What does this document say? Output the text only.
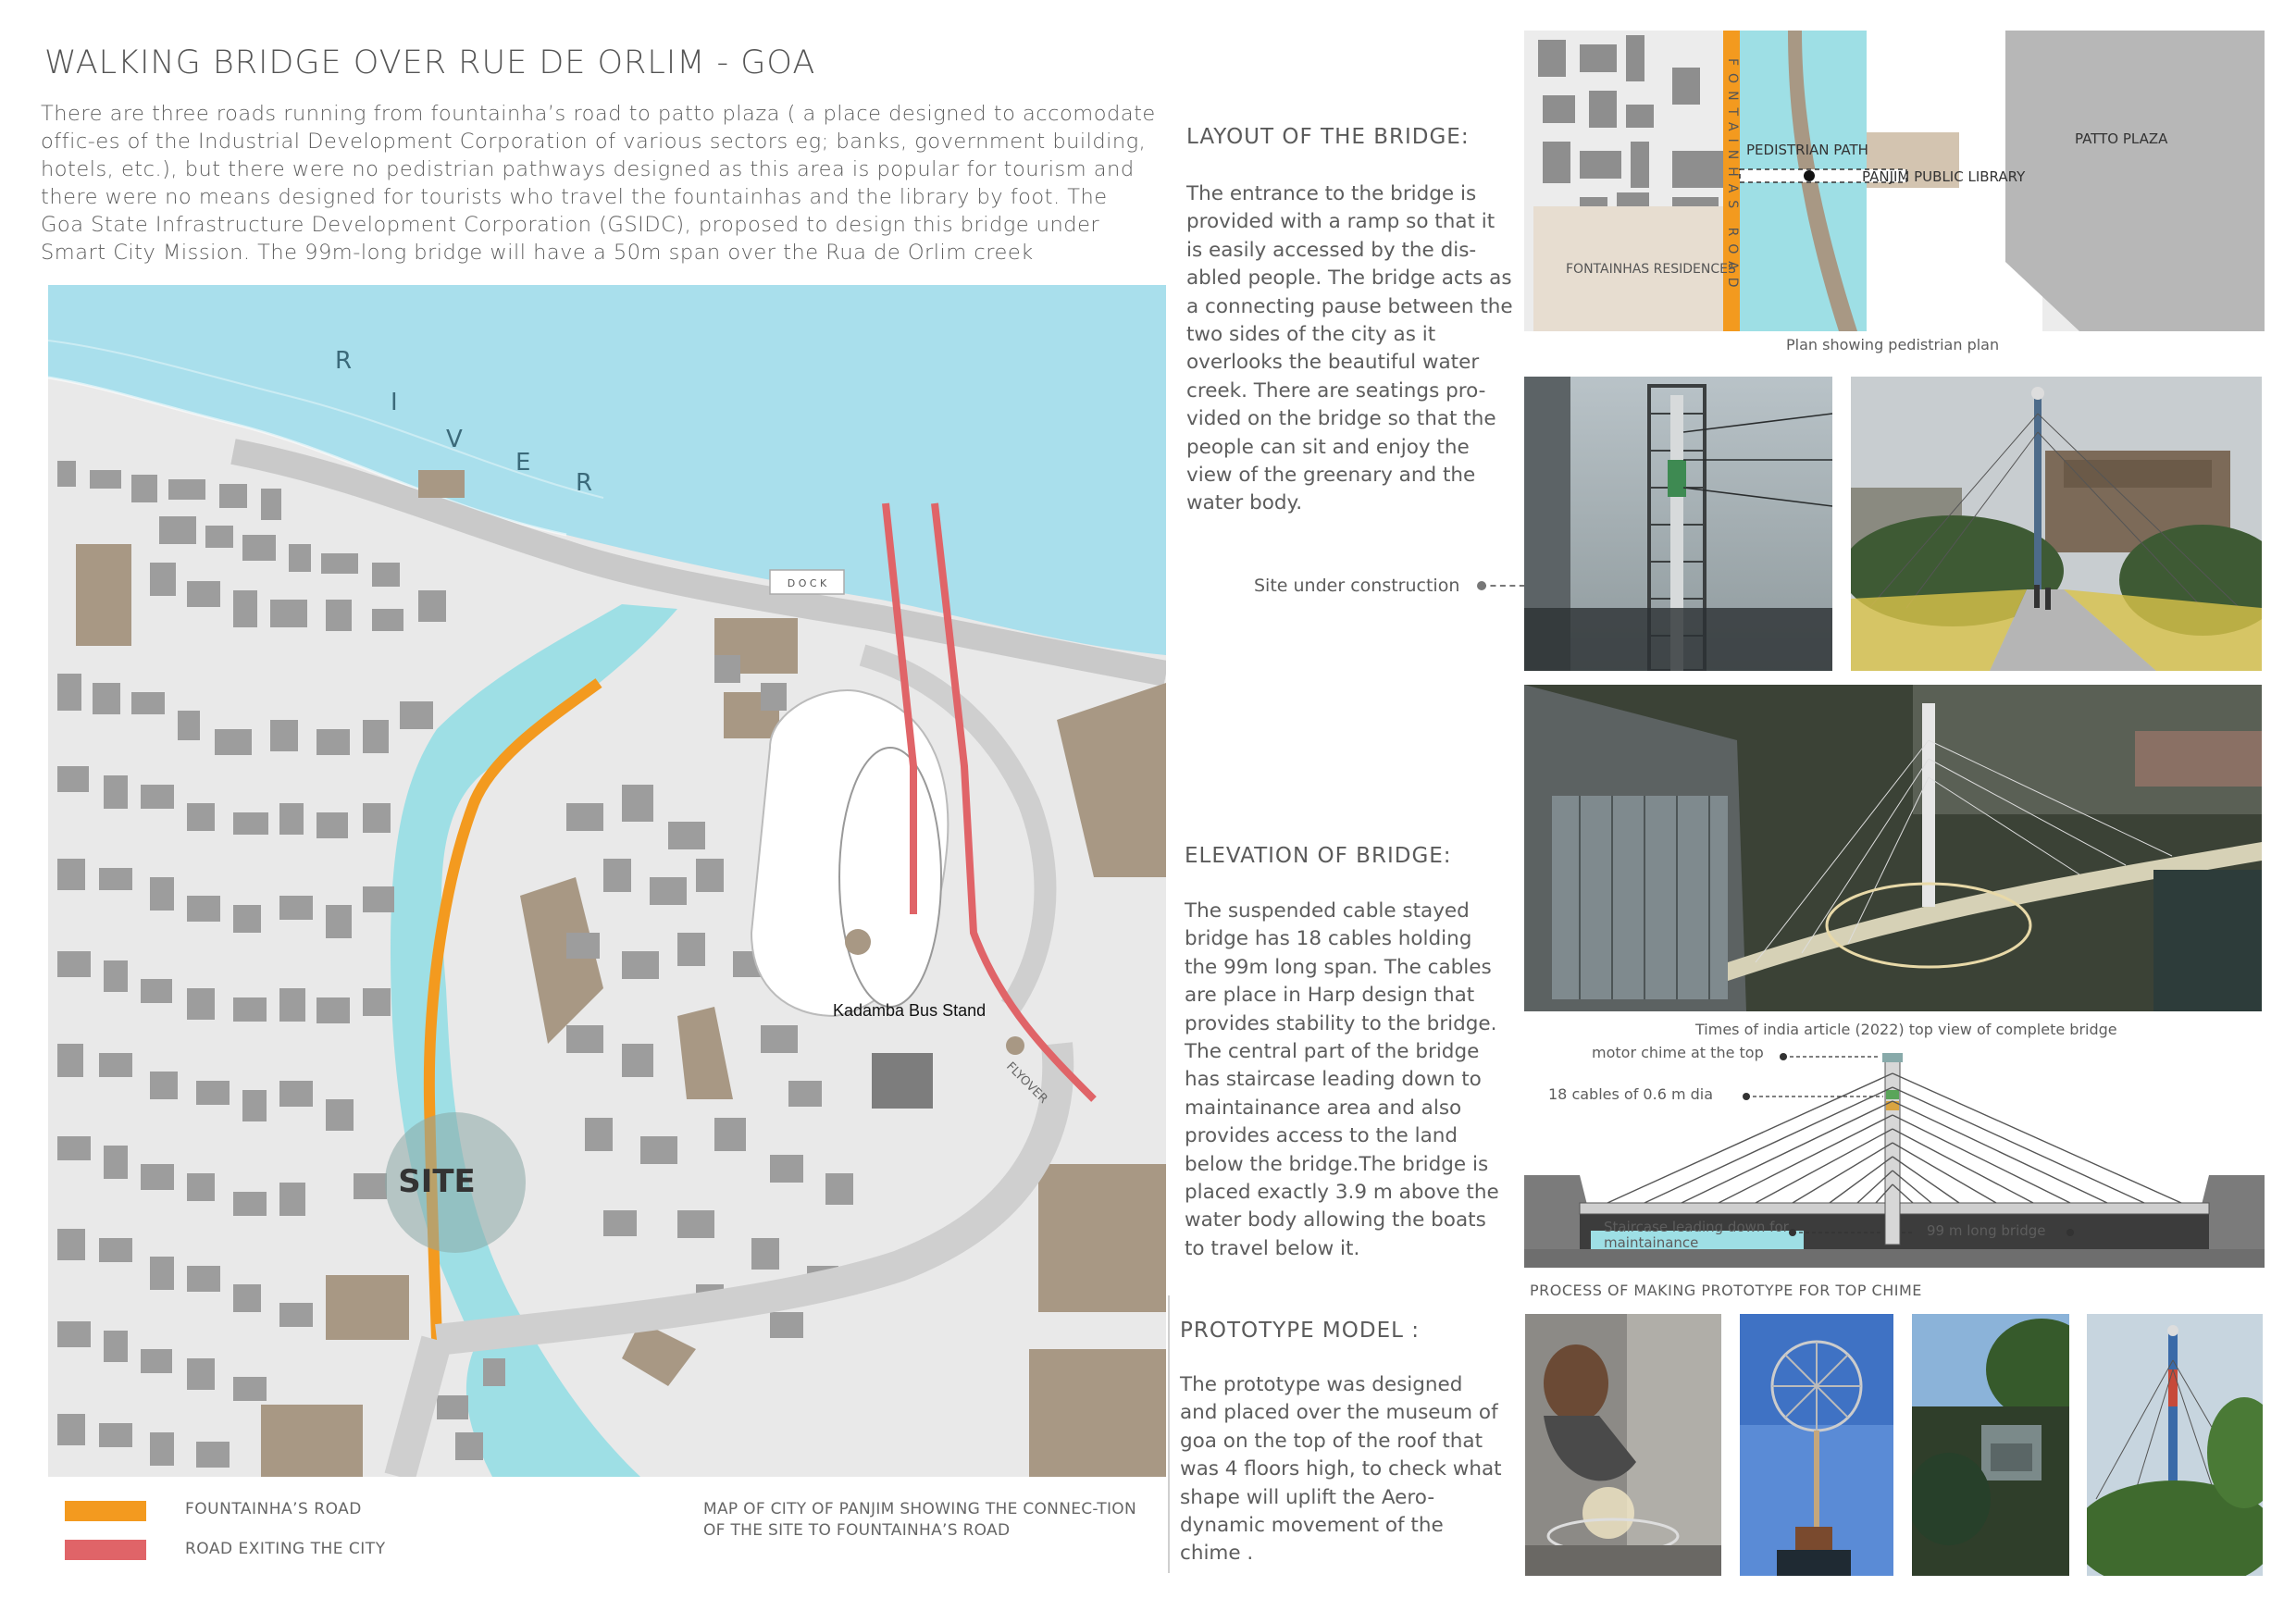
WALKING BRIDGE OVER RUE DE ORLIM - GOA
There are three roads running from fountainha’s road to patto plaza ( a place designed to accomodate offic-es of the Industrial Development Corporation of various sectors eg; banks, government building, hotels, etc.), but there were no pedistrian pathways designed as this area is popular for tourism and there were no means designed for tourists who travel the fountainhas and the library by foot. The Goa State Infrastructure Development Corporation (GSIDC), proposed to design this bridge under Smart City Mission. The 99m-long bridge will have a 50m span over the Rua de Orlim creek
D O C K
R
I
V
E
R
Kadamba Bus Stand
FLYOVER
SITE
FOUNTAINHA’S ROAD
ROAD EXITING THE CITY
MAP OF CITY OF PANJIM SHOWING THE CONNEC-TION OF THE SITE TO FOUNTAINHA’S ROAD
LAYOUT OF THE BRIDGE:
The entrance to the bridge is provided with a ramp so that it is easily accessed by the dis-abled people. The bridge acts as a connecting pause between the two sides of the city as it overlooks the beautiful water creek. There are seatings pro-vided on the bridge so that the people can sit and enjoy the view of the greenary and the water body.
Site under construction
ELEVATION OF BRIDGE:
The suspended cable stayed bridge has 18 cables holding the 99m long span. The cables are place in Harp design that provides stability to the bridge. The central part of the bridge has staircase leading down to maintainance area and also provides access to the land below the bridge.The bridge is placed exactly 3.9 m above the water body allowing the boats to travel below it.
PROTOTYPE MODEL :
The prototype was designed and placed over the museum of goa on the top of the roof that was 4 floors high, to check what shape will uplift the Aero-dynamic movement of the chime .
FONTAINHAS ROAD PEDISTRIAN PATH
PANJIM PUBLIC LIBRARY
PATTO PLAZA
FONTAINHAS RESIDENCES
Plan showing pedistrian plan
Times of india article (2022) top view of complete bridge
motor chime at the top
18 cables of 0.6 m dia
Staircase leading down for maintainance
99 m long bridge
PROCESS OF MAKING PROTOTYPE FOR TOP CHIME
